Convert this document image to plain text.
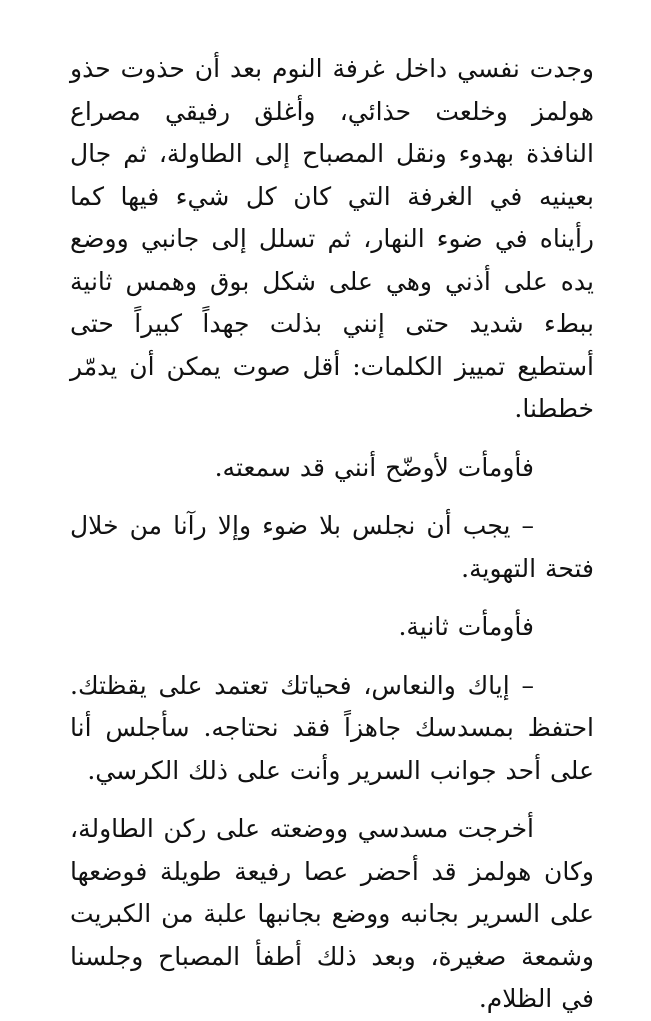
وجدت نفسي داخل غرفة النوم بعد أن حذوت حذو هولمز وخلعت حذائي، وأغلق رفيقي مصراع النافذة بهدوء ونقل المصباح إلى الطاولة، ثم جال بعينيه في الغرفة التي كان كل شيء فيها كما رأيناه في ضوء النهار، ثم تسلل إلى جانبي ووضع يده على أذني وهي على شكل بوق وهمس ثانية ببطء شديد حتى إنني بذلت جهداً كبيراً حتى أستطيع تمييز الكلمات: أقل صوت يمكن أن يدمّر خططنا.

فأومأت لأوضّح أنني قد سمعته.

– يجب أن نجلس بلا ضوء وإلا رآنا من خلال فتحة التهوية.

فأومأت ثانية.

– إياك والنعاس، فحياتك تعتمد على يقظتك. احتفظ بمسدسك جاهزاً فقد نحتاجه. سأجلس أنا على أحد جوانب السرير وأنت على ذلك الكرسي.

أخرجت مسدسي ووضعته على ركن الطاولة، وكان هولمز قد أحضر عصا رفيعة طويلة فوضعها على السرير بجانبه ووضع بجانبها علبة من الكبريت وشمعة صغيرة، وبعد ذلك أطفأ المصباح وجلسنا في الظلام.
